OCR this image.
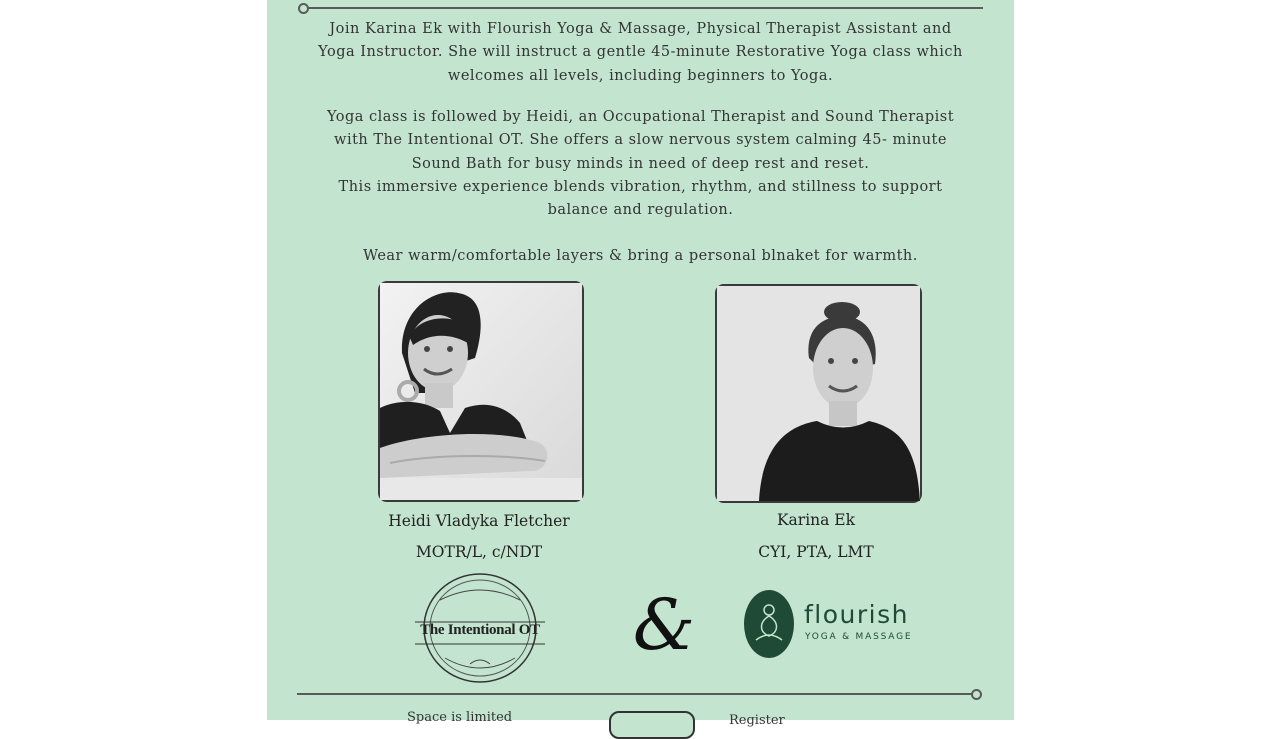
Join Karina Ek with Flourish Yoga & Massage, Physical Therapist Assistant and
Yoga Instructor. She will instruct a gentle 45-minute Restorative Yoga class which
welcomes all levels, including beginners to Yoga.
Yoga class is followed by Heidi, an Occupational Therapist and Sound Therapist
with The Intentional OT. She offers a slow nervous system calming 45- minute
Sound Bath for busy minds in need of deep rest and reset.
This immersive experience blends vibration, rhythm, and stillness to support
balance and regulation.
Wear warm/comfortable layers & bring a personal blnaket for warmth.
Heidi Vladyka Fletcher
MOTR/L, c/NDT
Karina Ek
CYI, PTA, LMT
The Intentional OT &	flourish
YOGA & MASSAGE
Space is limited	Register
